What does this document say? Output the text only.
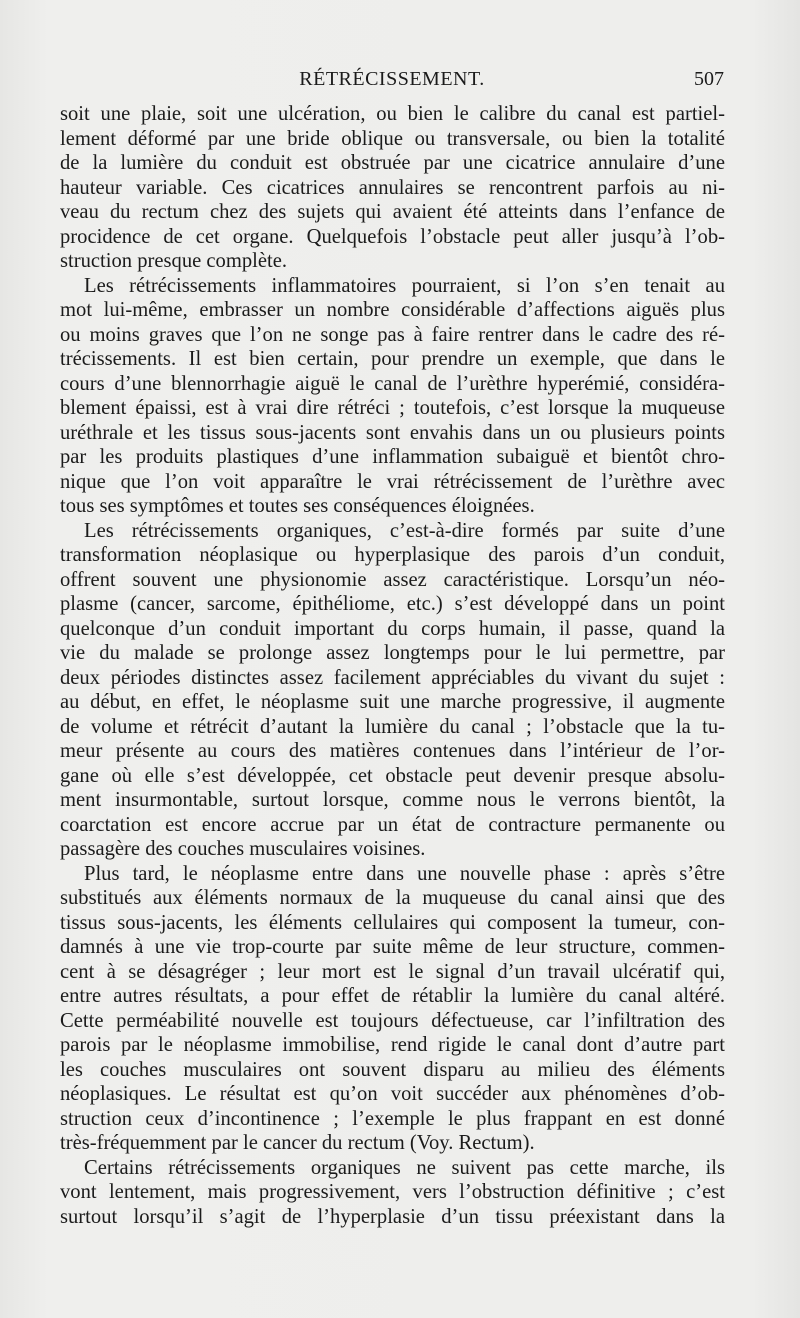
RÉTRÉCISSEMENT.	507

soit une plaie, soit une ulcération, ou bien le calibre du canal est partiel-
lement déformé par une bride oblique ou transversale, ou bien la totalité
de la lumière du conduit est obstruée par une cicatrice annulaire d’une
hauteur variable. Ces cicatrices annulaires se rencontrent parfois au ni-
veau du rectum chez des sujets qui avaient été atteints dans l’enfance de
procidence de cet organe. Quelquefois l’obstacle peut aller jusqu’à l’ob-
struction presque complète.

Les rétrécissements inflammatoires pourraient, si l’on s’en tenait au
mot lui-même, embrasser un nombre considérable d’affections aiguës plus
ou moins graves que l’on ne songe pas à faire rentrer dans le cadre des ré-
trécissements. Il est bien certain, pour prendre un exemple, que dans le
cours d’une blennorrhagie aiguë le canal de l’urèthre hyperémié, considéra-
blement épaissi, est à vrai dire rétréci ; toutefois, c’est lorsque la muqueuse
uréthrale et les tissus sous-jacents sont envahis dans un ou plusieurs points
par les produits plastiques d’une inflammation subaiguë et bientôt chro-
nique que l’on voit apparaître le vrai rétrécissement de l’urèthre avec
tous ses symptômes et toutes ses conséquences éloignées.

Les rétrécissements organiques, c’est-à-dire formés par suite d’une
transformation néoplasique ou hyperplasique des parois d’un conduit,
offrent souvent une physionomie assez caractéristique. Lorsqu’un néo-
plasme (cancer, sarcome, épithéliome, etc.) s’est développé dans un point
quelconque d’un conduit important du corps humain, il passe, quand la
vie du malade se prolonge assez longtemps pour le lui permettre, par
deux périodes distinctes assez facilement appréciables du vivant du sujet :
au début, en effet, le néoplasme suit une marche progressive, il augmente
de volume et rétrécit d’autant la lumière du canal ; l’obstacle que la tu-
meur présente au cours des matières contenues dans l’intérieur de l’or-
gane où elle s’est développée, cet obstacle peut devenir presque absolu-
ment insurmontable, surtout lorsque, comme nous le verrons bientôt, la
coarctation est encore accrue par un état de contracture permanente ou
passagère des couches musculaires voisines.

Plus tard, le néoplasme entre dans une nouvelle phase : après s’être
substitués aux éléments normaux de la muqueuse du canal ainsi que des
tissus sous-jacents, les éléments cellulaires qui composent la tumeur, con-
damnés à une vie trop-courte par suite même de leur structure, commen-
cent à se désagréger ; leur mort est le signal d’un travail ulcératif qui,
entre autres résultats, a pour effet de rétablir la lumière du canal altéré.
Cette perméabilité nouvelle est toujours défectueuse, car l’infiltration des
parois par le néoplasme immobilise, rend rigide le canal dont d’autre part
les couches musculaires ont souvent disparu au milieu des éléments
néoplasiques. Le résultat est qu’on voit succéder aux phénomènes d’ob-
struction ceux d’incontinence ; l’exemple le plus frappant en est donné
très-fréquemment par le cancer du rectum (Voy. Rectum).

Certains rétrécissements organiques ne suivent pas cette marche, ils
vont lentement, mais progressivement, vers l’obstruction définitive ; c’est
surtout lorsqu’il s’agit de l’hyperplasie d’un tissu préexistant dans la
